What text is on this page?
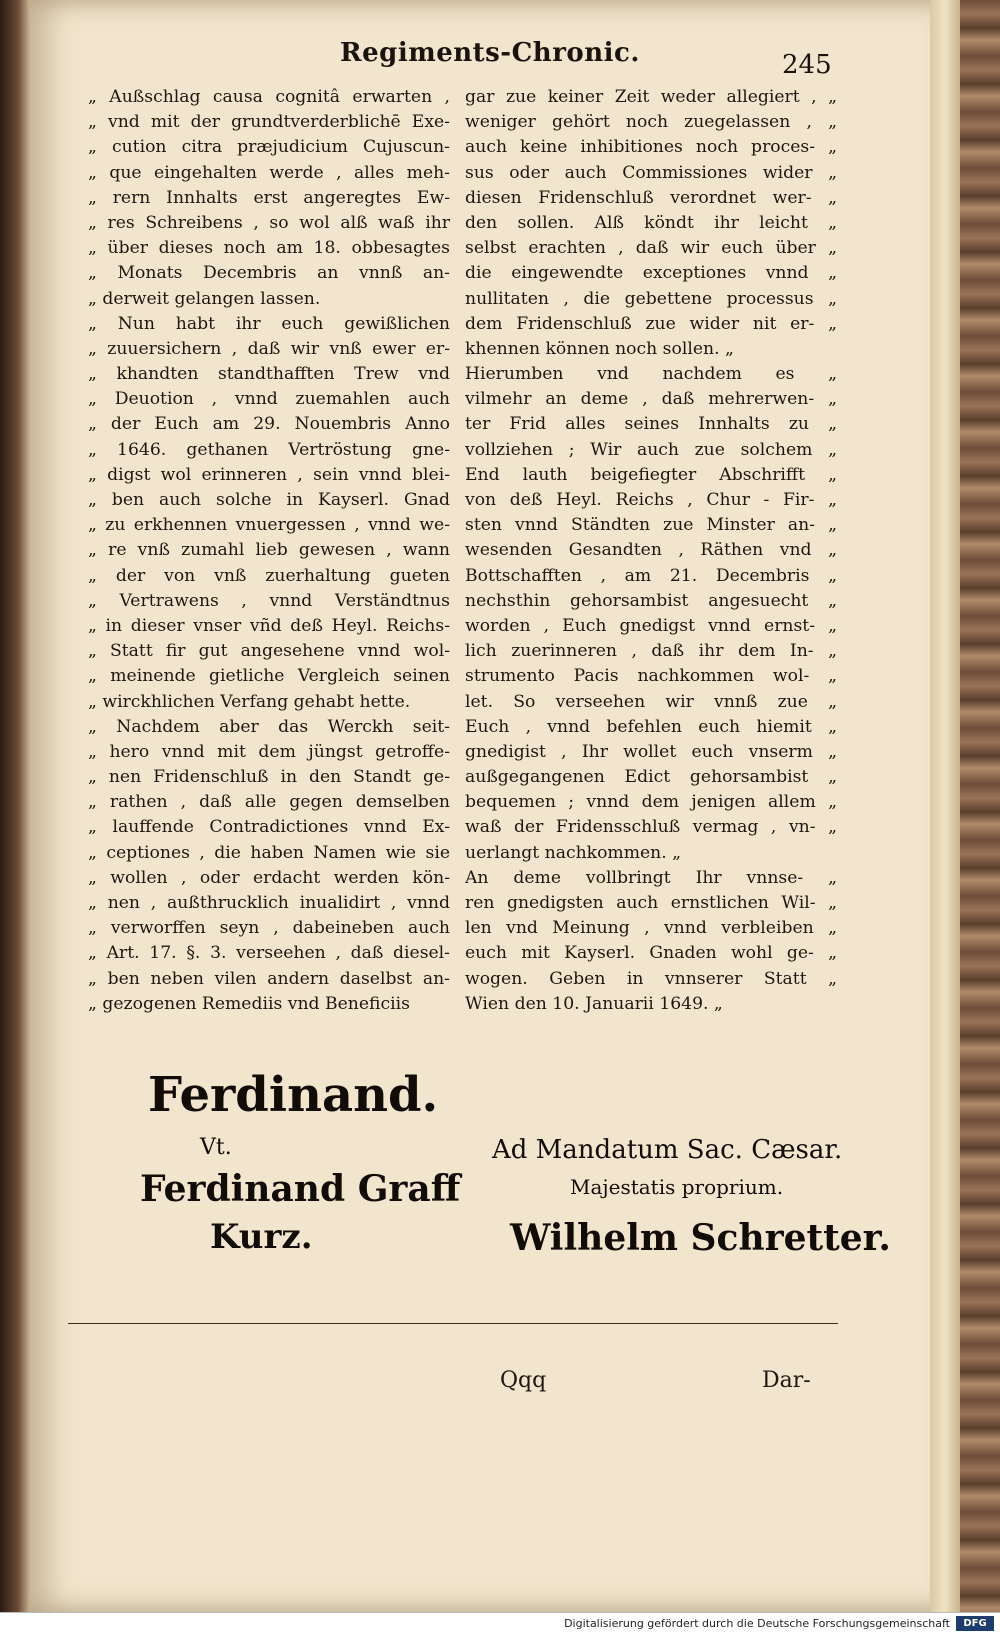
Regiments-Chronic.	245
„ Außschlag causa cognitâ erwarten ,
„ vnd mit der grundtverderblichē Exe-
„ cution citra præjudicium Cujuscun-
„ que eingehalten werde , alles meh-
„ rern Innhalts erst angeregtes Ew-
„ res Schreibens , so wol alß waß ihr
„ über dieses noch am 18. obbesagtes
„ Monats Decembris an vnnß an-
„ derweit gelangen lassen.
„ Nun habt ihr euch gewißlichen
„ zuuersichern , daß wir vnß ewer er-
„ khandten standthafften Trew vnd
„ Deuotion , vnnd zuemahlen auch
„ der Euch am 29. Nouembris Anno
„ 1646. gethanen Vertröstung gne-
„ digst wol erinneren , sein vnnd blei-
„ ben auch solche in Kayserl. Gnad
„ zu erkhennen vnuergessen , vnnd we-
„ re vnß zumahl lieb gewesen , wann
„ der von vnß zuerhaltung gueten
„ Vertrawens , vnnd Verständtnus
„ in dieser vnser vñd deß Heyl. Reichs-
„ Statt fir gut angesehene vnnd wol-
„ meinende gietliche Vergleich seinen
„ wirckhlichen Verfang gehabt hette.
„ Nachdem aber das Werckh seit-
„ hero vnnd mit dem jüngst getroffe-
„ nen Fridenschluß in den Standt ge-
„ rathen , daß alle gegen demselben
„ lauffende Contradictiones vnnd Ex-
„ ceptiones , die haben Namen wie sie
„ wollen , oder erdacht werden kön-
„ nen , außthrucklich inualidirt , vnnd
„ verworffen seyn , dabeineben auch
„ Art. 17. §. 3. verseehen , daß diesel-
„ ben neben vilen andern daselbst an-
„ gezogenen Remediis vnd Beneficiis
gar zue keiner Zeit weder allegiert , „
weniger gehört noch zuegelassen , „
auch keine inhibitiones noch proces- „
sus oder auch Commissiones wider „
diesen Fridenschluß verordnet wer- „
den sollen. Alß köndt ihr leicht „
selbst erachten , daß wir euch über „
die eingewendte exceptiones vnnd „
nullitaten , die gebettene processus „
dem Fridenschluß zue wider nit er- „
khennen können noch sollen. „
Hierumben vnd nachdem es „
vilmehr an deme , daß mehrerwen- „
ter Frid alles seines Innhalts zu „
vollziehen ; Wir auch zue solchem „
End lauth beigefiegter Abschrifft „
von deß Heyl. Reichs , Chur - Fir- „
sten vnnd Ständten zue Minster an- „
wesenden Gesandten , Räthen vnd „
Bottschafften , am 21. Decembris „
nechsthin gehorsambist angesuecht „
worden , Euch gnedigst vnnd ernst- „
lich zuerinneren , daß ihr dem In- „
strumento Pacis nachkommen wol- „
let. So verseehen wir vnnß zue „
Euch , vnnd befehlen euch hiemit „
gnedigist , Ihr wollet euch vnserm „
außgegangenen Edict gehorsambist „
bequemen ; vnnd dem jenigen allem „
waß der Fridensschluß vermag , vn- „
uerlangt nachkommen. „
An deme vollbringt Ihr vnnse- „
ren gnedigsten auch ernstlichen Wil- „
len vnd Meinung , vnnd verbleiben „
euch mit Kayserl. Gnaden wohl ge- „
wogen. Geben in vnnserer Statt „
Wien den 10. Januarii 1649. „
Ferdinand.
Vt.
Ferdinand Graff
Kurz.
Ad Mandatum Sac. Cæsar.
Majestatis proprium.
Wilhelm Schretter.
Qqq	Dar-
Digitalisierung gefördert durch die Deutsche Forschungsgemeinschaft	DFG
